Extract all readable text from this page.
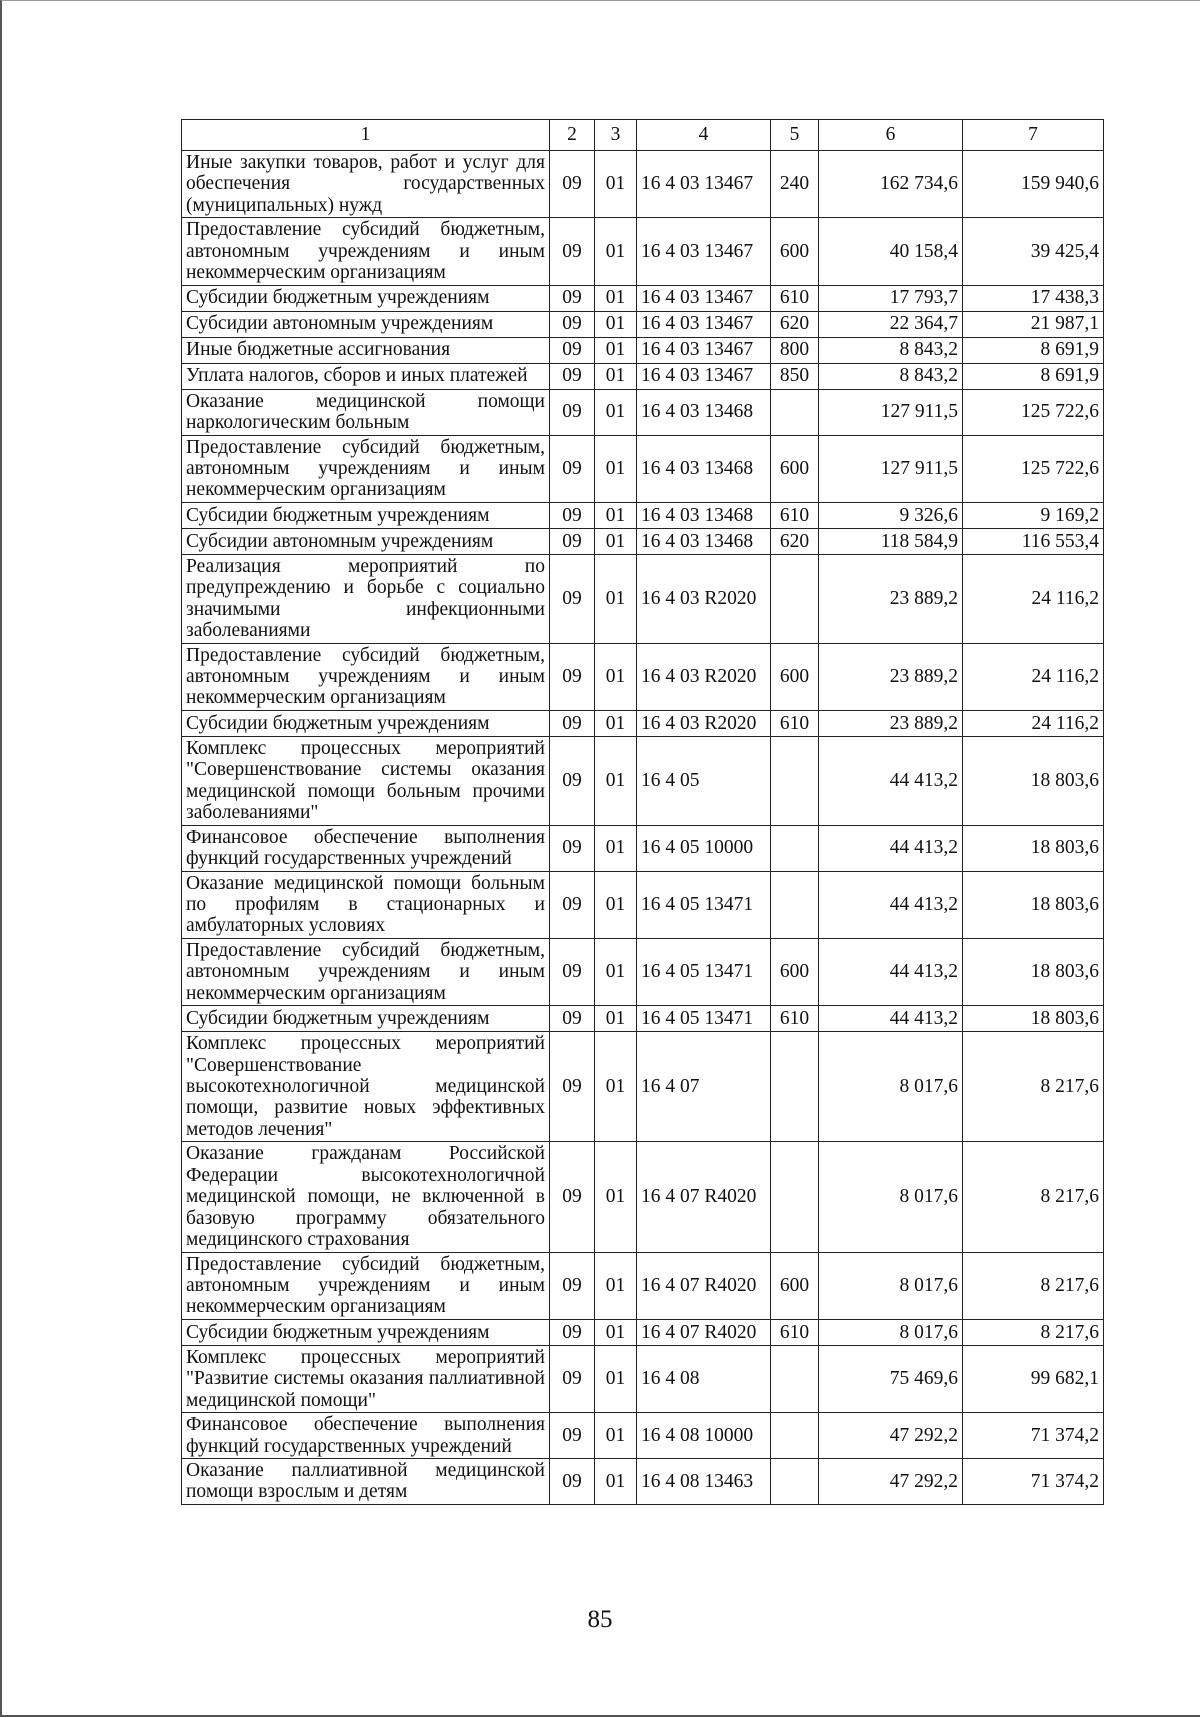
1	2	3	4	5	6	7
Иные закупки товаров, работ и услуг для обеспечения государственных (муниципальных) нужд	09	01	16 4 03 13467	240	162 734,6	159 940,6
Предоставление субсидий бюджетным, автономным учреждениям и иным некоммерческим организациям	09	01	16 4 03 13467	600	40 158,4	39 425,4
Субсидии бюджетным учреждениям	09	01	16 4 03 13467	610	17 793,7	17 438,3
Субсидии автономным учреждениям	09	01	16 4 03 13467	620	22 364,7	21 987,1
Иные бюджетные ассигнования	09	01	16 4 03 13467	800	8 843,2	8 691,9
Уплата налогов, сборов и иных платежей	09	01	16 4 03 13467	850	8 843,2	8 691,9
Оказание медицинской помощи наркологическим больным	09	01	16 4 03 13468		127 911,5	125 722,6
Предоставление субсидий бюджетным, автономным учреждениям и иным некоммерческим организациям	09	01	16 4 03 13468	600	127 911,5	125 722,6
Субсидии бюджетным учреждениям	09	01	16 4 03 13468	610	9 326,6	9 169,2
Субсидии автономным учреждениям	09	01	16 4 03 13468	620	118 584,9	116 553,4
Реализация мероприятий по предупреждению и борьбе с социально значимыми инфекционными заболеваниями	09	01	16 4 03 R2020		23 889,2	24 116,2
Предоставление субсидий бюджетным, автономным учреждениям и иным некоммерческим организациям	09	01	16 4 03 R2020	600	23 889,2	24 116,2
Субсидии бюджетным учреждениям	09	01	16 4 03 R2020	610	23 889,2	24 116,2
Комплекс процессных мероприятий "Совершенствование системы оказания медицинской помощи больным прочими заболеваниями"	09	01	16 4 05		44 413,2	18 803,6
Финансовое обеспечение выполнения функций государственных учреждений	09	01	16 4 05 10000		44 413,2	18 803,6
Оказание медицинской помощи больным по профилям в стационарных и амбулаторных условиях	09	01	16 4 05 13471		44 413,2	18 803,6
Предоставление субсидий бюджетным, автономным учреждениям и иным некоммерческим организациям	09	01	16 4 05 13471	600	44 413,2	18 803,6
Субсидии бюджетным учреждениям	09	01	16 4 05 13471	610	44 413,2	18 803,6
Комплекс процессных мероприятий "Совершенствование высокотехнологичной медицинской помощи, развитие новых эффективных методов лечения"	09	01	16 4 07		8 017,6	8 217,6
Оказание гражданам Российской Федерации высокотехнологичной медицинской помощи, не включенной в базовую программу обязательного медицинского страхования	09	01	16 4 07 R4020		8 017,6	8 217,6
Предоставление субсидий бюджетным, автономным учреждениям и иным некоммерческим организациям	09	01	16 4 07 R4020	600	8 017,6	8 217,6
Субсидии бюджетным учреждениям	09	01	16 4 07 R4020	610	8 017,6	8 217,6
Комплекс процессных мероприятий "Развитие системы оказания паллиативной медицинской помощи"	09	01	16 4 08		75 469,6	99 682,1
Финансовое обеспечение выполнения функций государственных учреждений	09	01	16 4 08 10000		47 292,2	71 374,2
Оказание паллиативной медицинской помощи взрослым и детям	09	01	16 4 08 13463		47 292,2	71 374,2
85
